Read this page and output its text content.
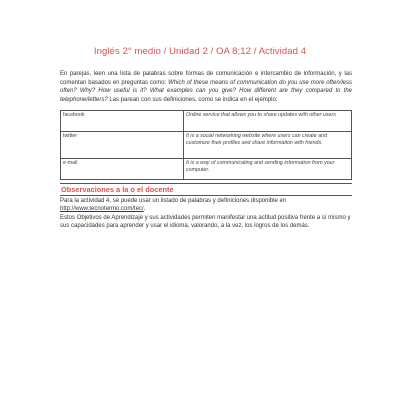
Inglés 2° medio / Unidad 2 / OA 8;12 / Actividad 4
En parejas, leen una lista de palabras sobre formas de comunicación e intercambio de información, y las comentan basados en preguntas como: Which of these means of communication do you use more often/less often? Why? How useful is it? What examples can you give? How different are they compared to the telephone/letters? Las parean con sus definiciones, como se indica en el ejemplo:
facebook	Online service that allows you to share updates with other users
twitter	It is a social networking website where users can create and customize their profiles and share information with friends.
e-mail	It is a way of communicating and sending information from your computer.
Observaciones a la o el docente
Para la actividad 4, se puede usar un listado de palabras y definiciones disponible en http://www.tecnotermo.com/tec/.
Estos Objetivos de Aprendizaje y sus actividades permiten manifestar una actitud positiva frente a sí mismo y sus capacidades para aprender y usar el idioma, valorando, a la vez, los logros de los demás.
